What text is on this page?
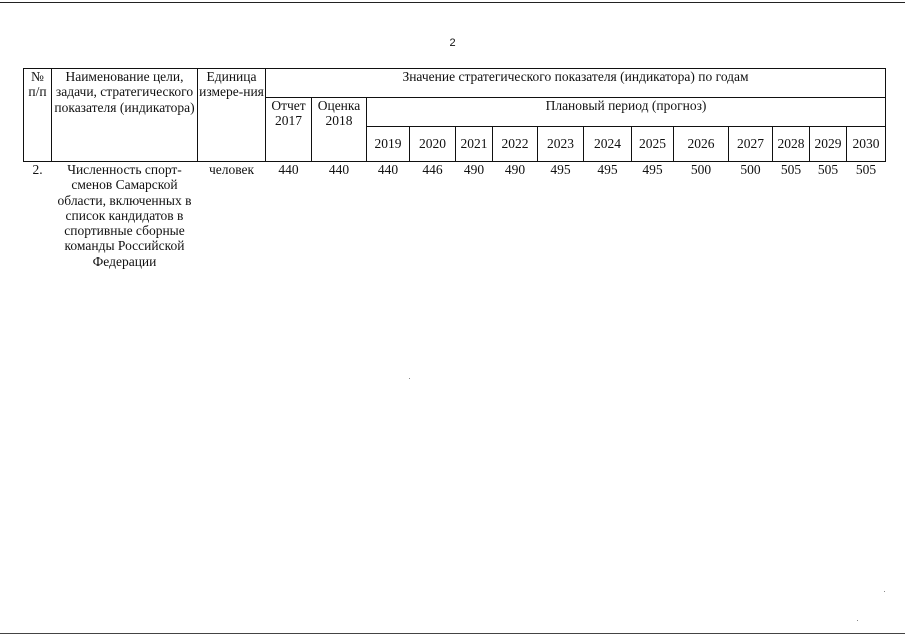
2
№ п/п	Наименование цели, задачи, стратегического показателя (индикатора)	Единица измере-ния	Значение стратегического показателя (индикатора) по годам													
			Отчет 2017	Оценка 2018	Плановый период (прогноз)											
					2019	2020	2021	2022	2023	2024	2025	2026	2027	2028	2029	2030
2.	Численность спорт-сменов Самарской области, включенных в список кандидатов в спортивные сборные команды Российской Федерации	человек	440	440	440	446	490	490	495	495	495	500	500	505	505	505
